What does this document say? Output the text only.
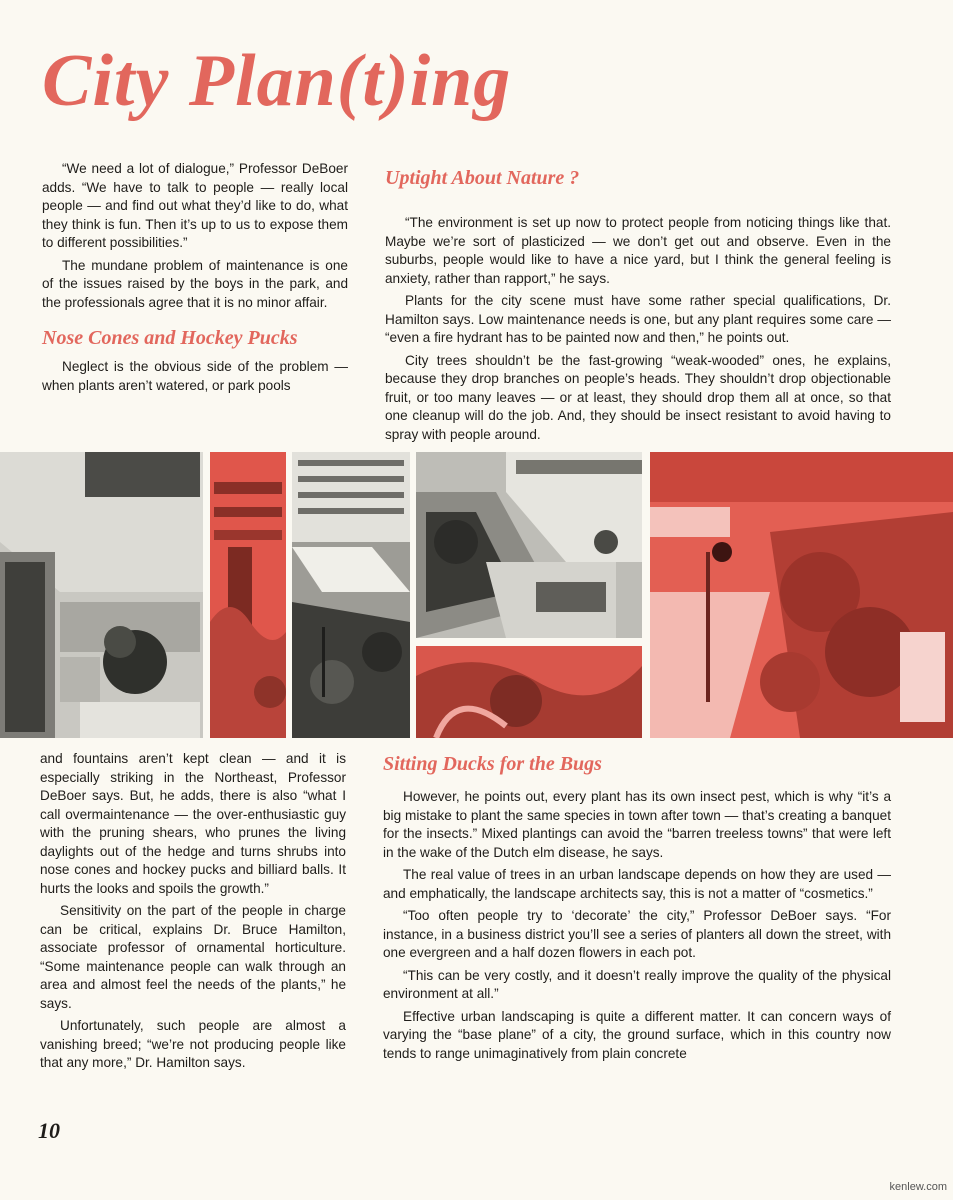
City Plan(t)ing

“We need a lot of dialogue,” Professor DeBoer adds. “We have to talk to people — really local people — and find out what they’d like to do, what they think is fun. Then it’s up to us to expose them to different possibilities.”

The mundane problem of maintenance is one of the issues raised by the boys in the park, and the professionals agree that it is no minor affair.

Nose Cones and Hockey Pucks

Neglect is the obvious side of the problem — when plants aren’t watered, or park pools

Uptight About Nature ?

“The environment is set up now to protect people from noticing things like that. Maybe we’re sort of plasticized — we don’t get out and observe. Even in the suburbs, people would like to have a nice yard, but I think the general feeling is anxiety, rather than rapport,” he says.

Plants for the city scene must have some rather special qualifications, Dr. Hamilton says. Low maintenance needs is one, but any plant requires some care — “even a fire hydrant has to be painted now and then,” he points out.

City trees shouldn’t be the fast-growing “weak-wooded” ones, he explains, because they drop branches on people’s heads. They shouldn’t drop objectionable fruit, or too many leaves — or at least, they should drop them all at once, so that one cleanup will do the job. And, they should be insect resistant to avoid having to spray with people around.

and fountains aren’t kept clean — and it is especially striking in the Northeast, Professor DeBoer says. But, he adds, there is also “what I call overmaintenance — the over-enthusiastic guy with the pruning shears, who prunes the living daylights out of the hedge and turns shrubs into nose cones and hockey pucks and billiard balls. It hurts the looks and spoils the growth.”

Sensitivity on the part of the people in charge can be critical, explains Dr. Bruce Hamilton, associate professor of ornamental horticulture. “Some maintenance people can walk through an area and almost feel the needs of the plants,” he says.

Unfortunately, such people are almost a vanishing breed; “we’re not producing people like that any more,” Dr. Hamilton says.

Sitting Ducks for the Bugs

However, he points out, every plant has its own insect pest, which is why “it’s a big mistake to plant the same species in town after town — that’s creating a banquet for the insects.” Mixed plantings can avoid the “barren treeless towns” that were left in the wake of the Dutch elm disease, he says.

The real value of trees in an urban landscape depends on how they are used — and emphatically, the landscape architects say, this is not a matter of “cosmetics.”

“Too often people try to ‘decorate’ the city,” Professor DeBoer says. “For instance, in a business district you’ll see a series of planters all down the street, with one evergreen and a half dozen flowers in each pot.

“This can be very costly, and it doesn’t really improve the quality of the physical environment at all.”

Effective urban landscaping is quite a different matter. It can concern ways of varying the “base plane” of a city, the ground surface, which in this country now tends to range unimaginatively from plain concrete

10

kenlew.com
